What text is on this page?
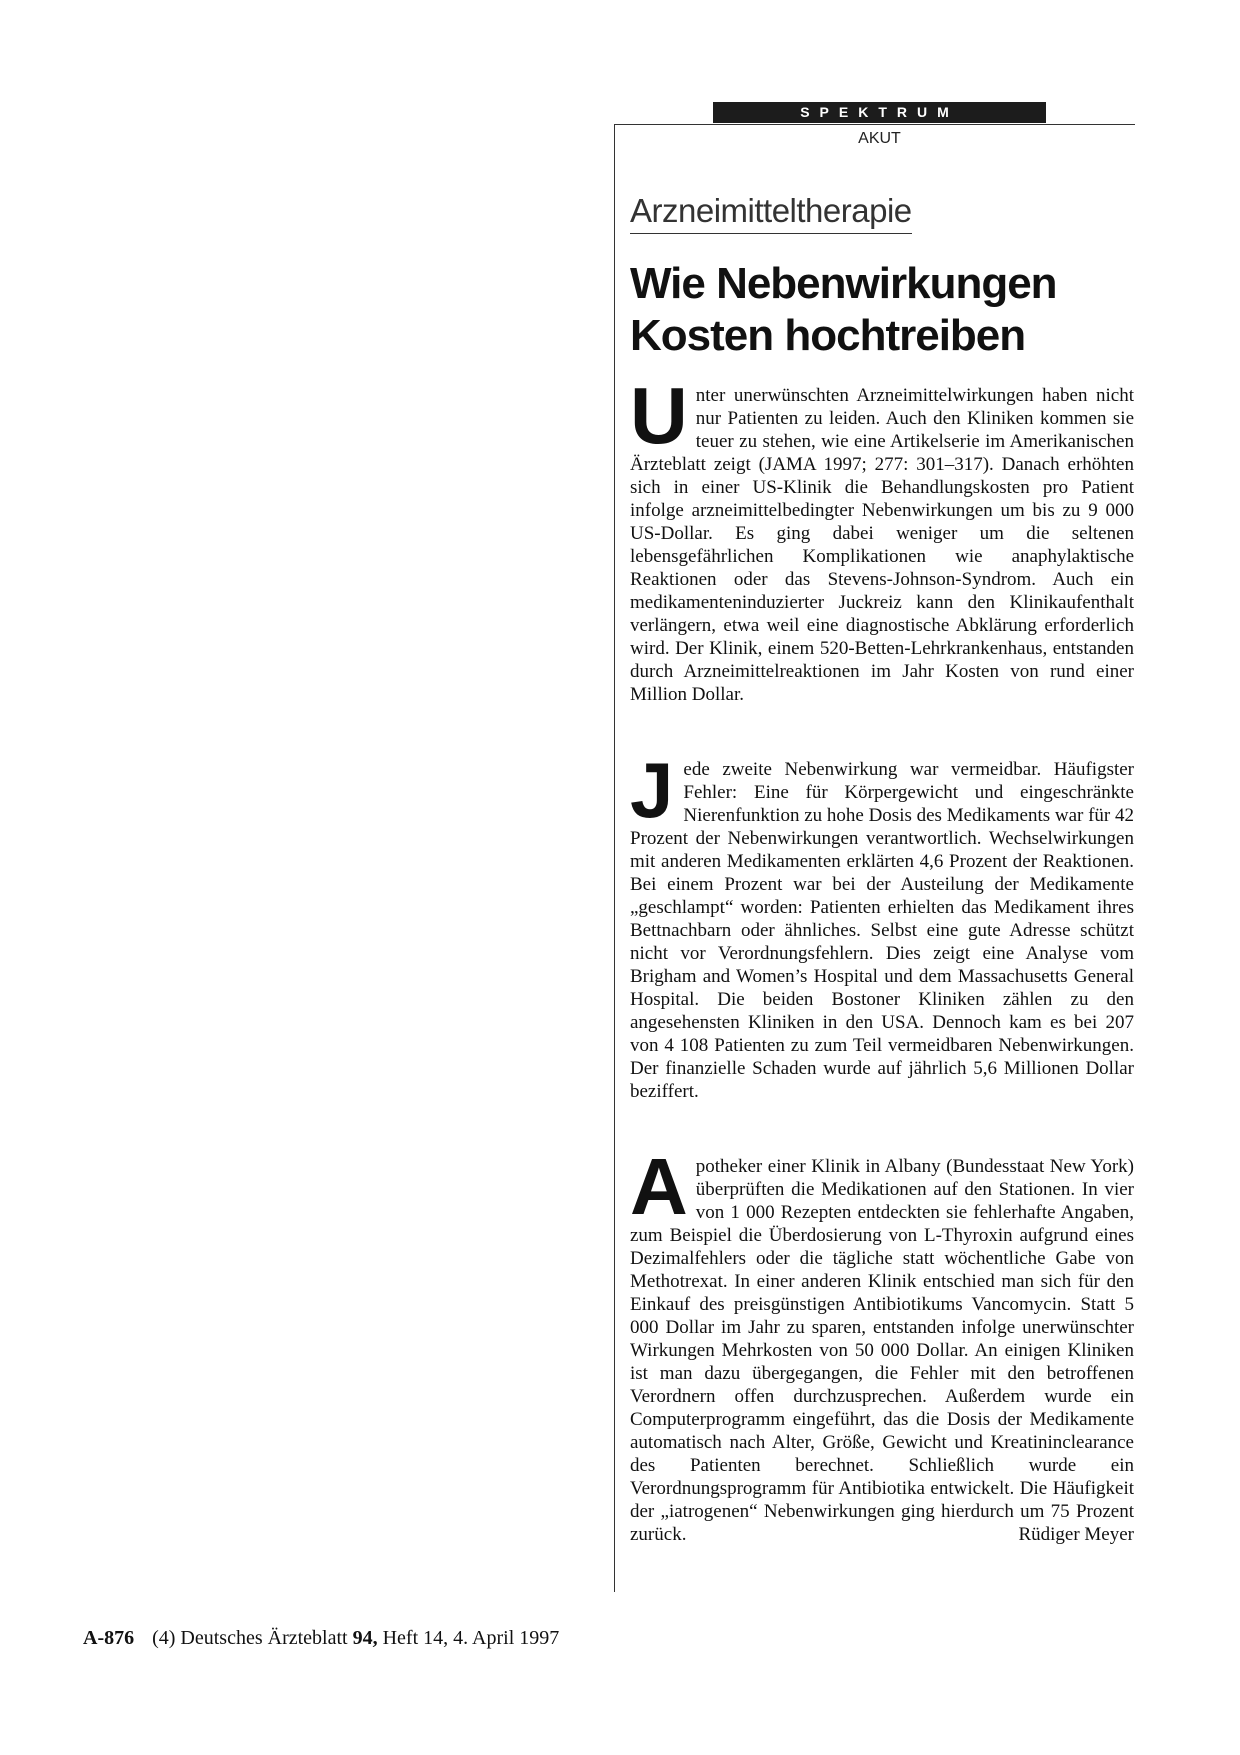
SPEKTRUM
AKUT
Arzneimitteltherapie
Wie Nebenwirkungen
Kosten hochtreiben
Unter unerwünschten Arzneimittelwirkungen haben nicht nur Patienten zu leiden. Auch den Kliniken kommen sie teuer zu stehen, wie eine Artikelserie im Amerikanischen Ärzteblatt zeigt (JAMA 1997; 277: 301–317). Danach erhöhten sich in einer US-Klinik die Behandlungskosten pro Patient infolge arzneimittelbedingter Nebenwirkungen um bis zu 9 000 US-Dollar. Es ging dabei weniger um die seltenen lebensgefährlichen Komplikationen wie anaphylaktische Reaktionen oder das Stevens-Johnson-Syndrom. Auch ein medikamenteninduzierter Juckreiz kann den Klinikaufenthalt verlängern, etwa weil eine diagnostische Abklärung erforderlich wird. Der Klinik, einem 520-Betten-Lehrkrankenhaus, entstanden durch Arzneimittelreaktionen im Jahr Kosten von rund einer Million Dollar.
Jede zweite Nebenwirkung war vermeidbar. Häufigster Fehler: Eine für Körpergewicht und eingeschränkte Nierenfunktion zu hohe Dosis des Medikaments war für 42 Prozent der Nebenwirkungen verantwortlich. Wechselwirkungen mit anderen Medikamenten erklärten 4,6 Prozent der Reaktionen. Bei einem Prozent war bei der Austeilung der Medikamente „geschlampt“ worden: Patienten erhielten das Medikament ihres Bettnachbarn oder ähnliches. Selbst eine gute Adresse schützt nicht vor Verordnungsfehlern. Dies zeigt eine Analyse vom Brigham and Women’s Hospital und dem Massachusetts General Hospital. Die beiden Bostoner Kliniken zählen zu den angesehensten Kliniken in den USA. Dennoch kam es bei 207 von 4 108 Patienten zu zum Teil vermeidbaren Nebenwirkungen. Der finanzielle Schaden wurde auf jährlich 5,6 Millionen Dollar beziffert.
Apotheker einer Klinik in Albany (Bundesstaat New York) überprüften die Medikationen auf den Stationen. In vier von 1 000 Rezepten entdeckten sie fehlerhafte Angaben, zum Beispiel die Überdosierung von L-Thyroxin aufgrund eines Dezimalfehlers oder die tägliche statt wöchentliche Gabe von Methotrexat. In einer anderen Klinik entschied man sich für den Einkauf des preisgünstigen Antibiotikums Vancomycin. Statt 5 000 Dollar im Jahr zu sparen, entstanden infolge unerwünschter Wirkungen Mehrkosten von 50 000 Dollar. An einigen Kliniken ist man dazu übergegangen, die Fehler mit den betroffenen Verordnern offen durchzusprechen. Außerdem wurde ein Computerprogramm eingeführt, das die Dosis der Medikamente automatisch nach Alter, Größe, Gewicht und Kreatininclearance des Patienten berechnet. Schließlich wurde ein Verordnungsprogramm für Antibiotika entwickelt. Die Häufigkeit der „iatrogenen“ Nebenwirkungen ging hierdurch um 75 Prozent zurück.	Rüdiger Meyer
A-876 (4) Deutsches Ärzteblatt 94, Heft 14, 4. April 1997
